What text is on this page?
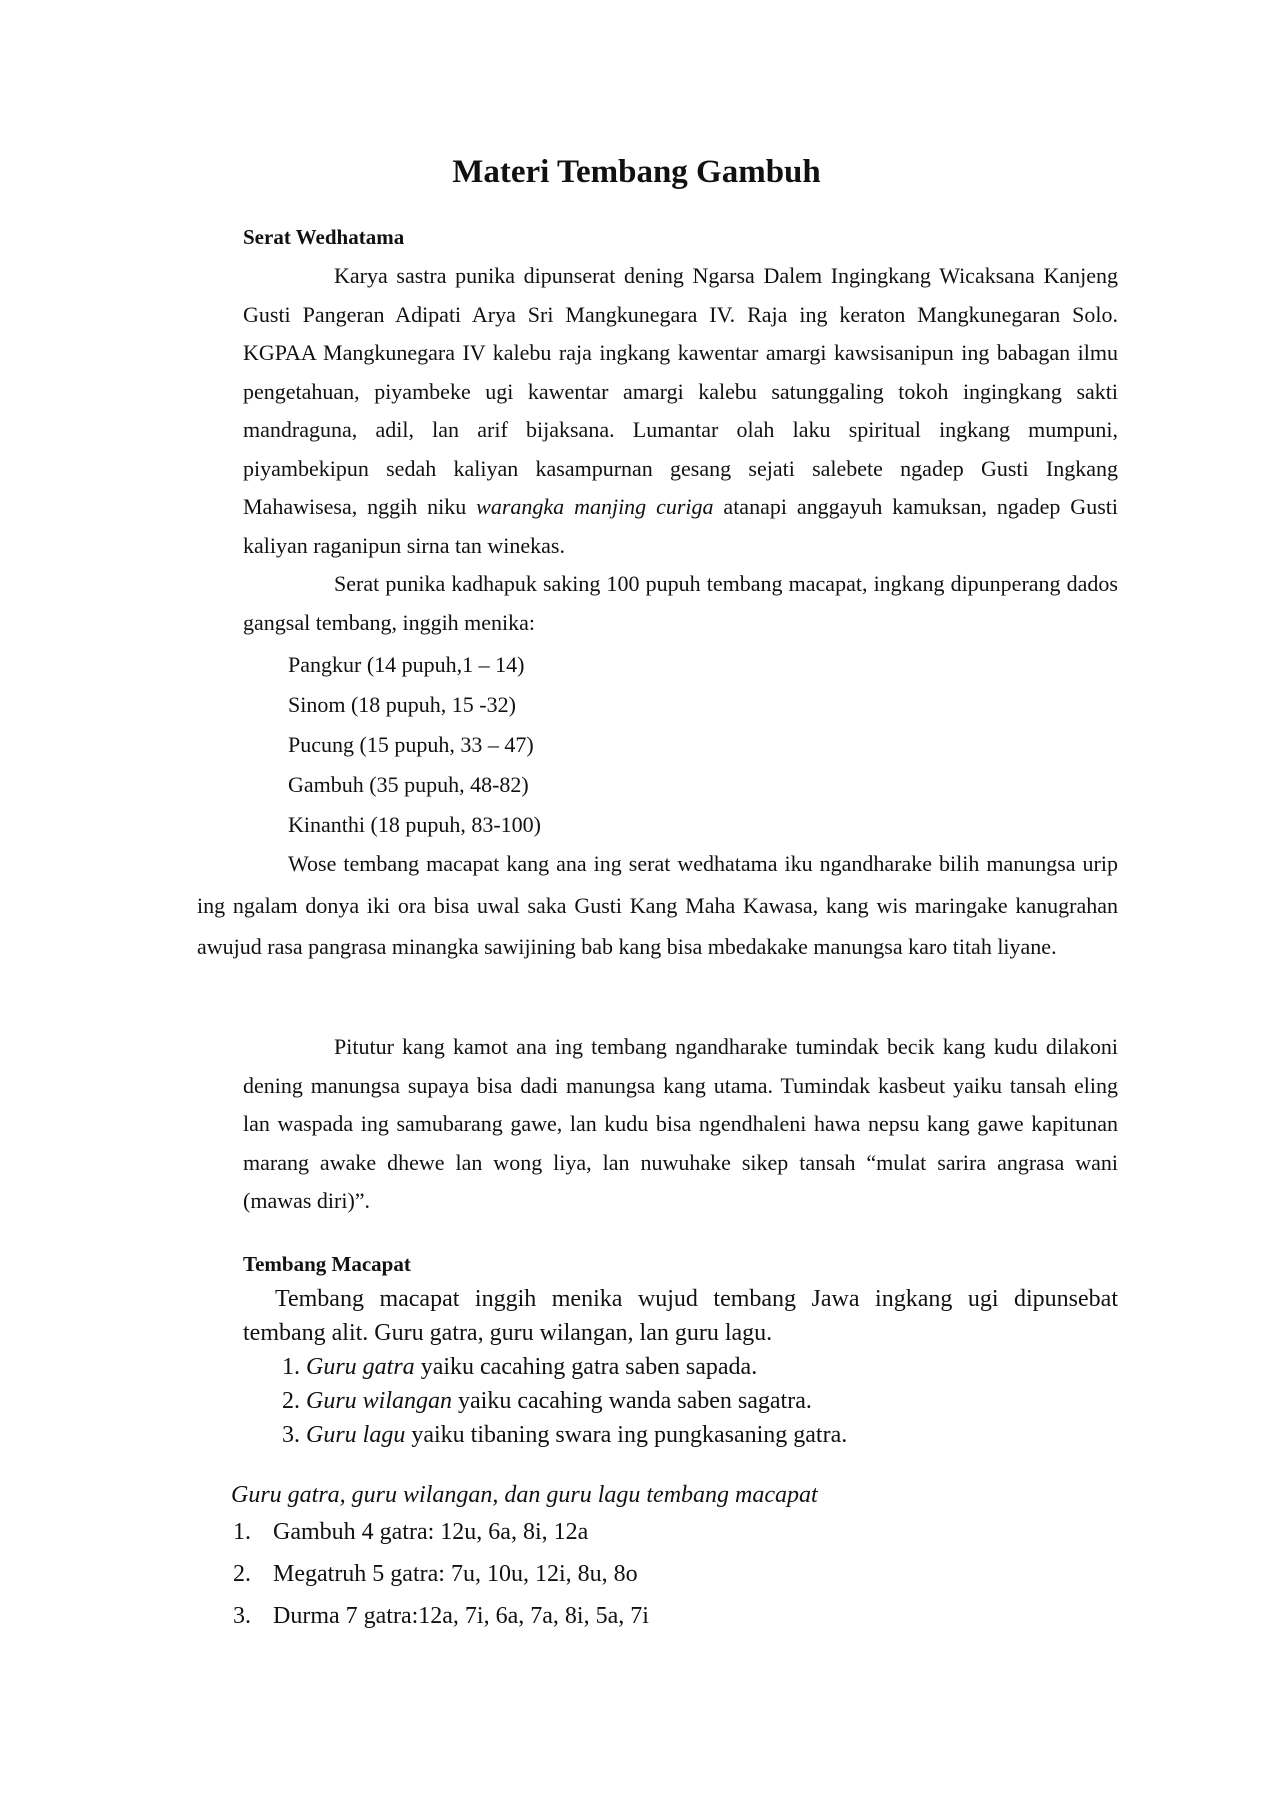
Materi Tembang Gambuh
Serat Wedhatama

Karya sastra punika dipunserat dening Ngarsa Dalem Ingingkang Wicaksana Kanjeng Gusti Pangeran Adipati Arya Sri Mangkunegara IV. Raja ing keraton Mangkunegaran Solo. KGPAA Mangkunegara IV kalebu raja ingkang kawentar amargi kawsisanipun ing babagan ilmu pengetahuan, piyambeke ugi kawentar amargi kalebu satunggaling tokoh ingingkang sakti mandraguna, adil, lan arif bijaksana. Lumantar olah laku spiritual ingkang mumpuni, piyambekipun sedah kaliyan kasampurnan gesang sejati salebete ngadep Gusti Ingkang Mahawisesa, nggih niku warangka manjing curiga atanapi anggayuh kamuksan, ngadep Gusti kaliyan raganipun sirna tan winekas.

Serat punika kadhapuk saking 100 pupuh tembang macapat, ingkang dipunperang dados gangsal tembang, inggih menika:

Pangkur (14 pupuh,1 – 14)
Sinom (18 pupuh, 15 -32)
Pucung (15 pupuh, 33 – 47)
Gambuh (35 pupuh, 48-82)
Kinanthi (18 pupuh, 83-100)

Wose tembang macapat kang ana ing serat wedhatama iku ngandharake bilih manungsa urip ing ngalam donya iki ora bisa uwal saka Gusti Kang Maha Kawasa, kang wis maringake kanugrahan awujud rasa pangrasa minangka sawijining bab kang bisa mbedakake manungsa karo titah liyane.

Pitutur kang kamot ana ing tembang ngandharake tumindak becik kang kudu dilakoni dening manungsa supaya bisa dadi manungsa kang utama. Tumindak kasbeut yaiku tansah eling lan waspada ing samubarang gawe, lan kudu bisa ngendhaleni hawa nepsu kang gawe kapitunan marang awake dhewe lan wong liya, lan nuwuhake sikep tansah “mulat sarira angrasa wani (mawas diri)”.

Tembang Macapat

Tembang macapat inggih menika wujud tembang Jawa ingkang ugi dipunsebat tembang alit. Guru gatra, guru wilangan, lan guru lagu.

1. Guru gatra yaiku cacahing gatra saben sapada.
2. Guru wilangan yaiku cacahing wanda saben sagatra.
3. Guru lagu yaiku tibaning swara ing pungkasaning gatra.

Guru gatra, guru wilangan, dan guru lagu tembang macapat

1. Gambuh 4 gatra: 12u, 6a, 8i, 12a
2. Megatruh 5 gatra: 7u, 10u, 12i, 8u, 8o
3. Durma 7 gatra:12a, 7i, 6a, 7a, 8i, 5a, 7i
